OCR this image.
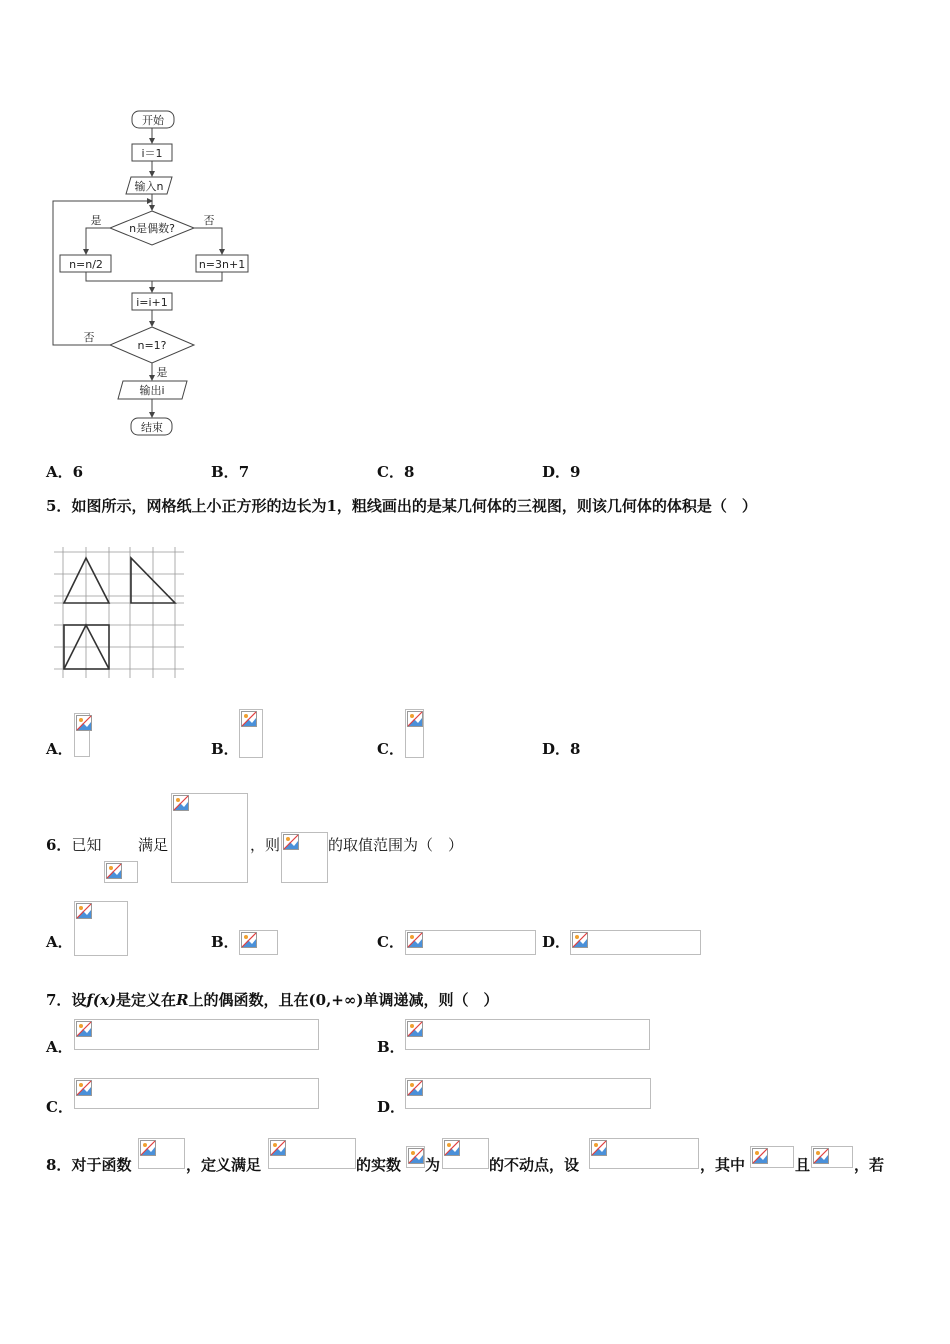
开始
i＝1
输入n
n是偶数?
是	否
n=n/2	n=3n+1
i=i+1
n=1?
否
是
输出i
结束
A．6	B．7	C．8	D．9
5．如图所示，网格纸上小正方形的边长为1，粗线画出的是某几何体的三视图，则该几何体的体积是（　）
A．	B．	C．	D．8
6．已知 满足	，则	的取值范围为（　）
A．	B．	C．	D．
7．设f(x)是定义在R上的偶函数，且在(0,+∞)单调递减，则（　）
A．	B．
C．	D．
8．对于函数	，定义满足	的实数 为	的不动点，设	，其中	且	，若
